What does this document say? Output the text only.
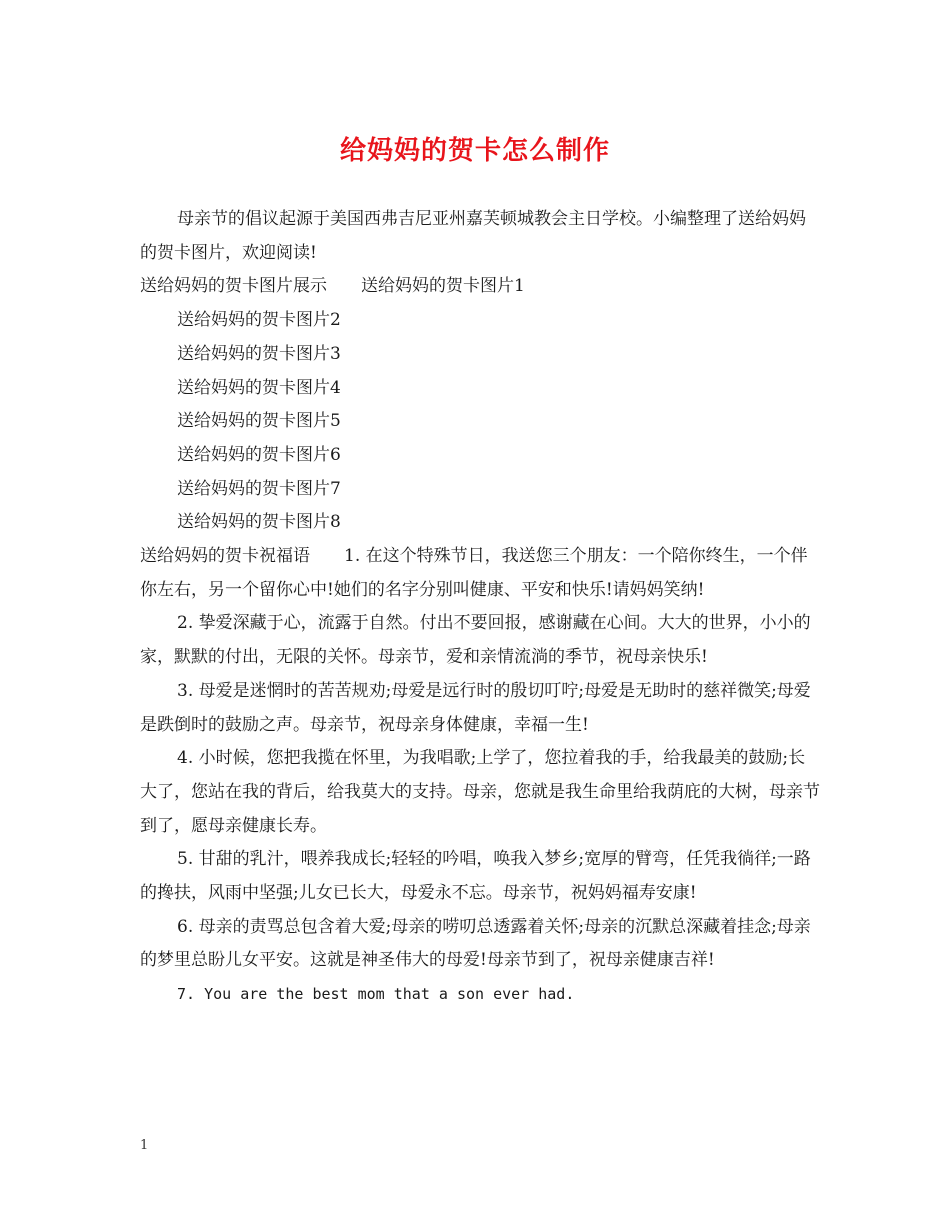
给妈妈的贺卡怎么制作

母亲节的倡议起源于美国西弗吉尼亚州嘉芙顿城教会主日学校。小编整理了送给妈妈的贺卡图片，欢迎阅读!

送给妈妈的贺卡图片展示 送给妈妈的贺卡图片1

送给妈妈的贺卡图片2

送给妈妈的贺卡图片3

送给妈妈的贺卡图片4

送给妈妈的贺卡图片5

送给妈妈的贺卡图片6

送给妈妈的贺卡图片7

送给妈妈的贺卡图片8

送给妈妈的贺卡祝福语 1. 在这个特殊节日，我送您三个朋友：一个陪你终生，一个伴你左右，另一个留你心中!她们的名字分别叫健康、平安和快乐!请妈妈笑纳!

2. 挚爱深藏于心，流露于自然。付出不要回报，感谢藏在心间。大大的世界，小小的家，默默的付出，无限的关怀。母亲节，爱和亲情流淌的季节，祝母亲快乐!

3. 母爱是迷惘时的苦苦规劝;母爱是远行时的殷切叮咛;母爱是无助时的慈祥微笑;母爱是跌倒时的鼓励之声。母亲节，祝母亲身体健康，幸福一生!

4. 小时候，您把我揽在怀里，为我唱歌;上学了，您拉着我的手，给我最美的鼓励;长大了，您站在我的背后，给我莫大的支持。母亲，您就是我生命里给我荫庇的大树，母亲节到了，愿母亲健康长寿。

5. 甘甜的乳汁，喂养我成长;轻轻的吟唱，唤我入梦乡;宽厚的臂弯，任凭我徜徉;一路的搀扶，风雨中坚强;儿女已长大，母爱永不忘。母亲节，祝妈妈福寿安康!

6. 母亲的责骂总包含着大爱;母亲的唠叨总透露着关怀;母亲的沉默总深藏着挂念;母亲的梦里总盼儿女平安。这就是神圣伟大的母爱!母亲节到了，祝母亲健康吉祥!

7. You are the best mom that a son ever had.

1
